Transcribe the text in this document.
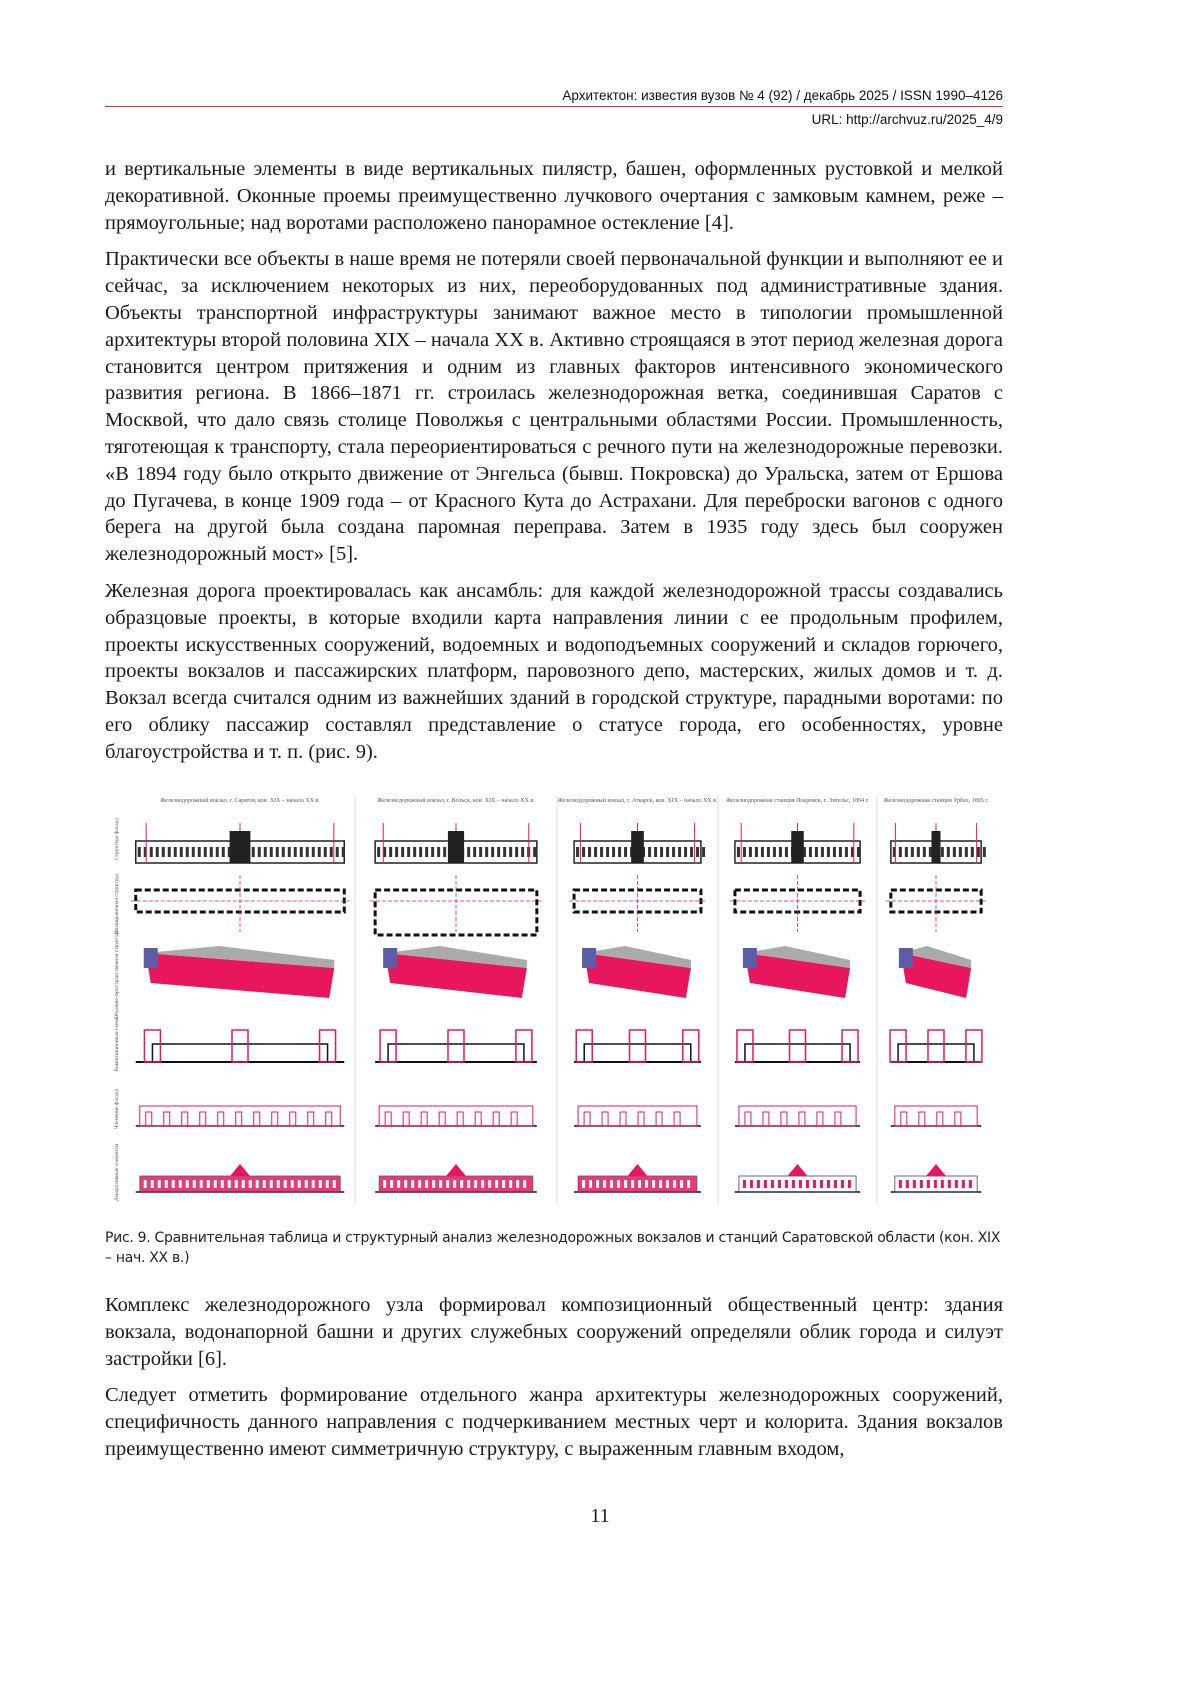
Архитектон: известия вузов № 4 (92) / декабрь 2025 / ISSN 1990–4126
URL: http://archvuz.ru/2025_4/9

и вертикальные элементы в виде вертикальных пилястр, башен, оформленных рустовкой и мелкой декоративной. Оконные проемы преимущественно лучкового очертания с замковым камнем, реже – прямоугольные; над воротами расположено панорамное остекление [4].

Практически все объекты в наше время не потеряли своей первоначальной функции и выполняют ее и сейчас, за исключением некоторых из них, переоборудованных под административные здания. Объекты транспортной инфраструктуры занимают важное место в типологии промышленной архитектуры второй половина XIX – начала XX в. Активно строящаяся в этот период железная дорога становится центром притяжения и одним из главных факторов интенсивного экономического развития региона. В 1866–1871 гг. строилась железнодорожная ветка, соединившая Саратов с Москвой, что дало связь столице Поволжья с центральными областями России. Промышленность, тяготеющая к транспорту, стала переориентироваться с речного пути на железнодорожные перевозки. «В 1894 году было открыто движение от Энгельса (бывш. Покровска) до Уральска, затем от Ершова до Пугачева, в конце 1909 года – от Красного Кута до Астрахани. Для переброски вагонов с одного берега на другой была создана паромная переправа. Затем в 1935 году здесь был сооружен железнодорожный мост» [5].

Железная дорога проектировалась как ансамбль: для каждой железнодорожной трассы создавались образцовые проекты, в которые входили карта направления линии с ее продольным профилем, проекты искусственных сооружений, водоемных и водоподъемных сооружений и складов горючего, проекты вокзалов и пассажирских платформ, паровозного депо, мастерских, жилых домов и т. д. Вокзал всегда считался одним из важнейших зданий в городской структуре, парадными воротами: по его облику пассажир составлял представление о статусе города, его особенностях, уровне благоустройства и т. п. (рис. 9).

Железнодорожный вокзал, г. Саратов, кон. XIX – начало XX в.	Железнодорожный вокзал, г. Вольск, кон. XIX – начало XX в.	Железнодорожный вокзал, г. Аткарск, кон. XIX – начало XX в. Железнодорожная станция Покровск, г. Энгельс, 1894 г. Железнодорожная станция Урбах, 1895 г.
Структура фасада
Планировочная структура
Объемно-пространственная структура
Композиционная схема
Членение фасада
Декоративные элементы
Рис. 9. Сравнительная таблица и структурный анализ железнодорожных вокзалов и станций Саратовской области (кон. XIX – нач. XX в.)

Комплекс железнодорожного узла формировал композиционный общественный центр: здания вокзала, водонапорной башни и других служебных сооружений определяли облик города и силуэт застройки [6].

Следует отметить формирование отдельного жанра архитектуры железнодорожных сооружений, специфичность данного направления с подчеркиванием местных черт и колорита. Здания вокзалов преимущественно имеют симметричную структуру, с выраженным главным входом,

11
